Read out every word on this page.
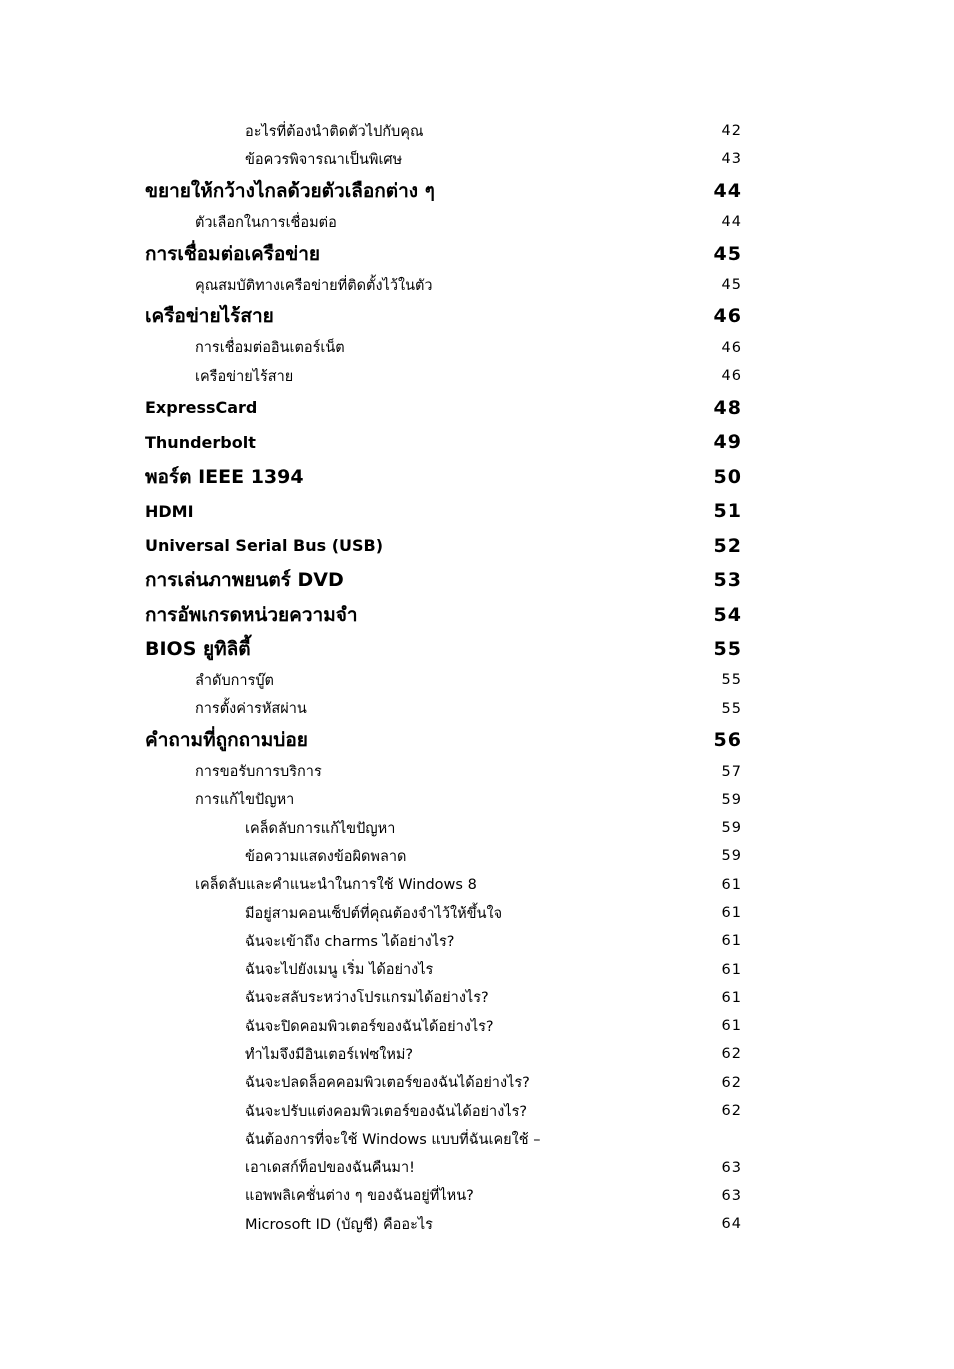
อะไรที่ต้องนำติดตัวไปกับคุณ	42
ข้อควรพิจารณาเป็นพิเศษ	43
ขยายให้กว้างไกลด้วยตัวเลือกต่าง ๆ	44
ตัวเลือกในการเชื่อมต่อ	44
การเชื่อมต่อเครือข่าย	45
คุณสมบัติทางเครือข่ายที่ติดตั้งไว้ในตัว	45
เครือข่ายไร้สาย	46
การเชื่อมต่ออินเตอร์เน็ต	46
เครือข่ายไร้สาย	46
ExpressCard	48
Thunderbolt	49
พอร์ต IEEE 1394	50
HDMI	51
Universal Serial Bus (USB)	52
การเล่นภาพยนตร์ DVD	53
การอัพเกรดหน่วยความจำ	54
BIOS ยูทิลิตี้	55
ลำดับการบู๊ต	55
การตั้งค่ารหัสผ่าน	55
คำถามที่ถูกถามบ่อย	56
การขอรับการบริการ	57
การแก้ไขปัญหา	59
เคล็ดลับการแก้ไขปัญหา	59
ข้อความแสดงข้อผิดพลาด	59
เคล็ดลับและคำแนะนำในการใช้ Windows 8	61
มีอยู่สามคอนเซ็ปต์ที่คุณต้องจำไว้ให้ขึ้นใจ	61
ฉันจะเข้าถึง charms ได้อย่างไร?	61
ฉันจะไปยังเมนู เริ่ม ได้อย่างไร	61
ฉันจะสลับระหว่างโปรแกรมได้อย่างไร?	61
ฉันจะปิดคอมพิวเตอร์ของฉันได้อย่างไร?	61
ทำไมจึงมีอินเตอร์เฟซใหม่?	62
ฉันจะปลดล็อคคอมพิวเตอร์ของฉันได้อย่างไร?	62
ฉันจะปรับแต่งคอมพิวเตอร์ของฉันได้อย่างไร?	62
ฉันต้องการที่จะใช้ Windows แบบที่ฉันเคยใช้ –
เอาเดสก์ท็อปของฉันคืนมา!	63
แอพพลิเคชั่นต่าง ๆ ของฉันอยู่ที่ไหน?	63
Microsoft ID (บัญชี) คืออะไร	64
